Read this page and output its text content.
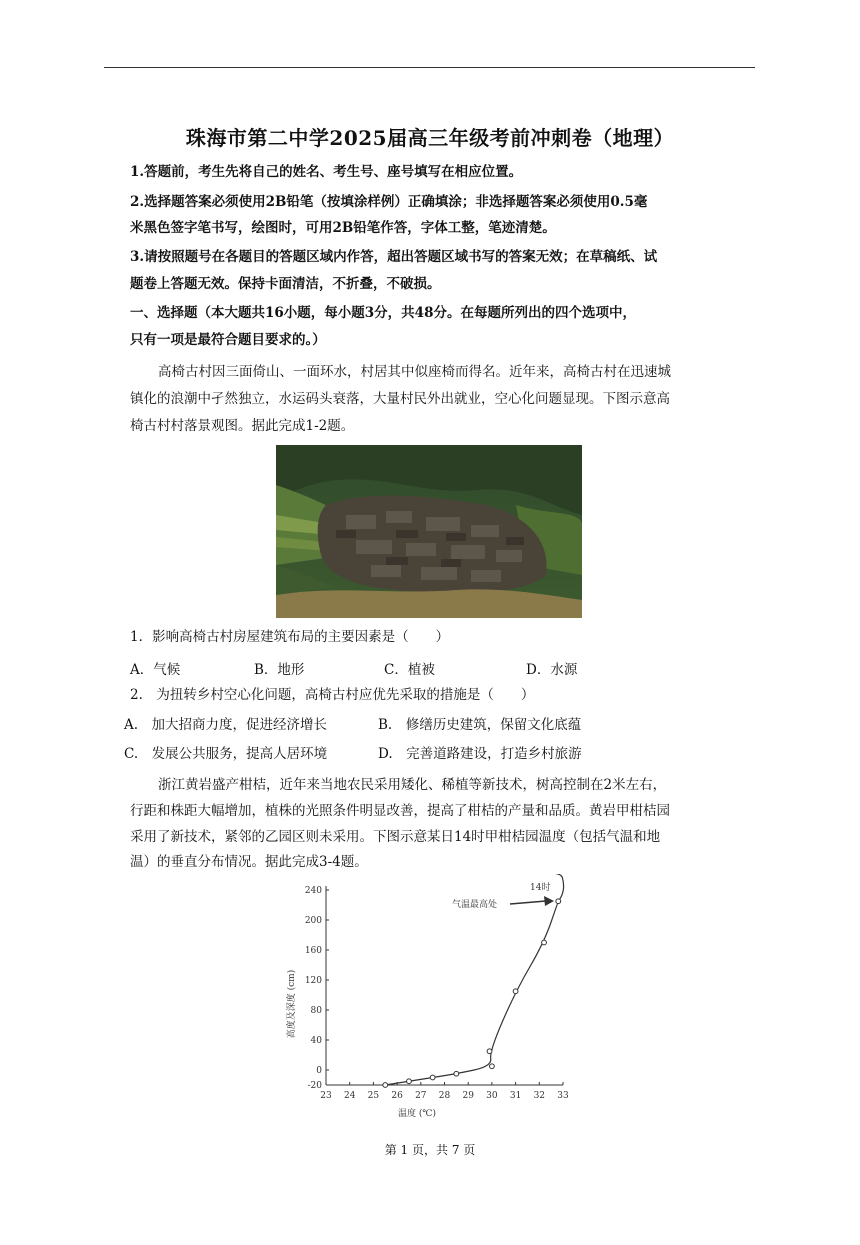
珠海市第二中学2025届高三年级考前冲刺卷（地理）
1.答题前，考生先将自己的姓名、考生号、座号填写在相应位置。
2.选择题答案必须使用2B铅笔（按填涂样例）正确填涂；非选择题答案必须使用0.5毫
米黑色签字笔书写，绘图时，可用2B铅笔作答，字体工整，笔迹清楚。
3.请按照题号在各题目的答题区域内作答，超出答题区域书写的答案无效；在草稿纸、试
题卷上答题无效。保持卡面清洁，不折叠，不破损。
一、选择题（本大题共16小题，每小题3分，共48分。在每题所列出的四个选项中，
只有一项是最符合题目要求的。）
高椅古村因三面倚山、一面环水，村居其中似座椅而得名。近年来，高椅古村在迅速城
镇化的浪潮中孑然独立，水运码头衰落，大量村民外出就业，空心化问题显现。下图示意高
椅古村村落景观图。据此完成1-2题。
1．影响高椅古村房屋建筑布局的主要因素是（　　）
A．气候	B．地形	C．植被	D．水源
2.　为扭转乡村空心化问题，高椅古村应优先采取的措施是（　　）
A.　加大招商力度，促进经济增长	B.　修缮历史建筑，保留文化底蕴
C.　发展公共服务，提高人居环境	D.　完善道路建设，打造乡村旅游
浙江黄岩盛产柑桔，近年来当地农民采用矮化、稀植等新技术，树高控制在2米左右，
行距和株距大幅增加，植株的光照条件明显改善，提高了柑桔的产量和品质。黄岩甲柑桔园
采用了新技术，紧邻的乙园区则未采用。下图示意某日14时甲柑桔园温度（包括气温和地
温）的垂直分布情况。据此完成3-4题。
23 24 25 26 27 28 29 30 31 32 33
-20
0
40
80
120
160
200
240
高度及深度 (cm)
温度 (℃)
14时
气温最高处
第 1 页，共 7 页
